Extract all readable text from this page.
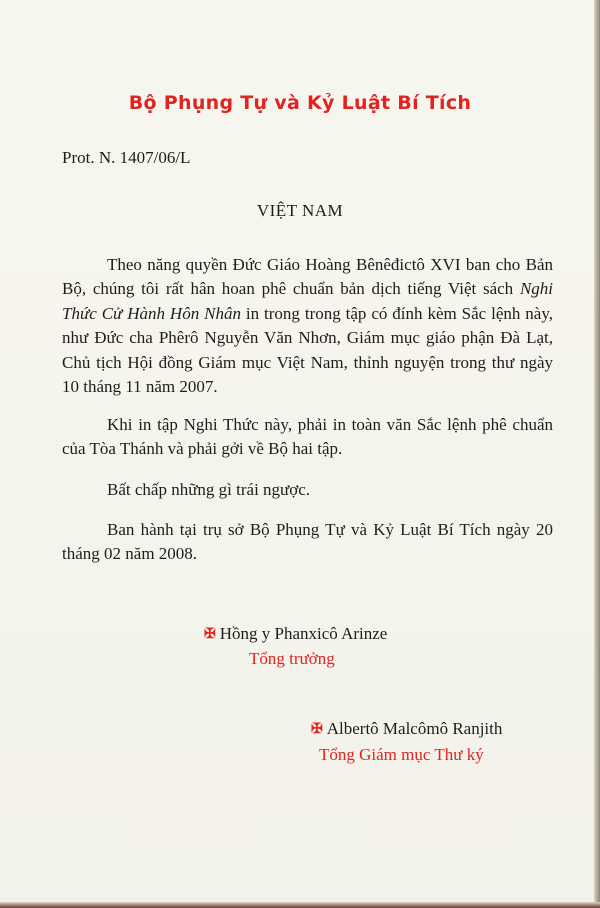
Bộ Phụng Tự và Kỷ Luật Bí Tích
Prot. N. 1407/06/L
VIỆT NAM
Theo năng quyền Đức Giáo Hoàng Bênêđictô XVI ban cho Bản Bộ, chúng tôi rất hân hoan phê chuẩn bản dịch tiếng Việt sách Nghi Thức Cử Hành Hôn Nhân in trong trong tập có đính kèm Sắc lệnh này, như Đức cha Phêrô Nguyễn Văn Nhơn, Giám mục giáo phận Đà Lạt, Chủ tịch Hội đồng Giám mục Việt Nam, thỉnh nguyện trong thư ngày 10 tháng 11 năm 2007.
Khi in tập Nghi Thức này, phải in toàn văn Sắc lệnh phê chuẩn của Tòa Thánh và phải gởi về Bộ hai tập.
Bất chấp những gì trái ngược.
Ban hành tại trụ sở Bộ Phụng Tự và Kỷ Luật Bí Tích ngày 20 tháng 02 năm 2008.
✠ Hồng y Phanxicô Arinze
Tổng trưởng
✠ Albertô Malcômô Ranjith
Tổng Giám mục Thư ký
